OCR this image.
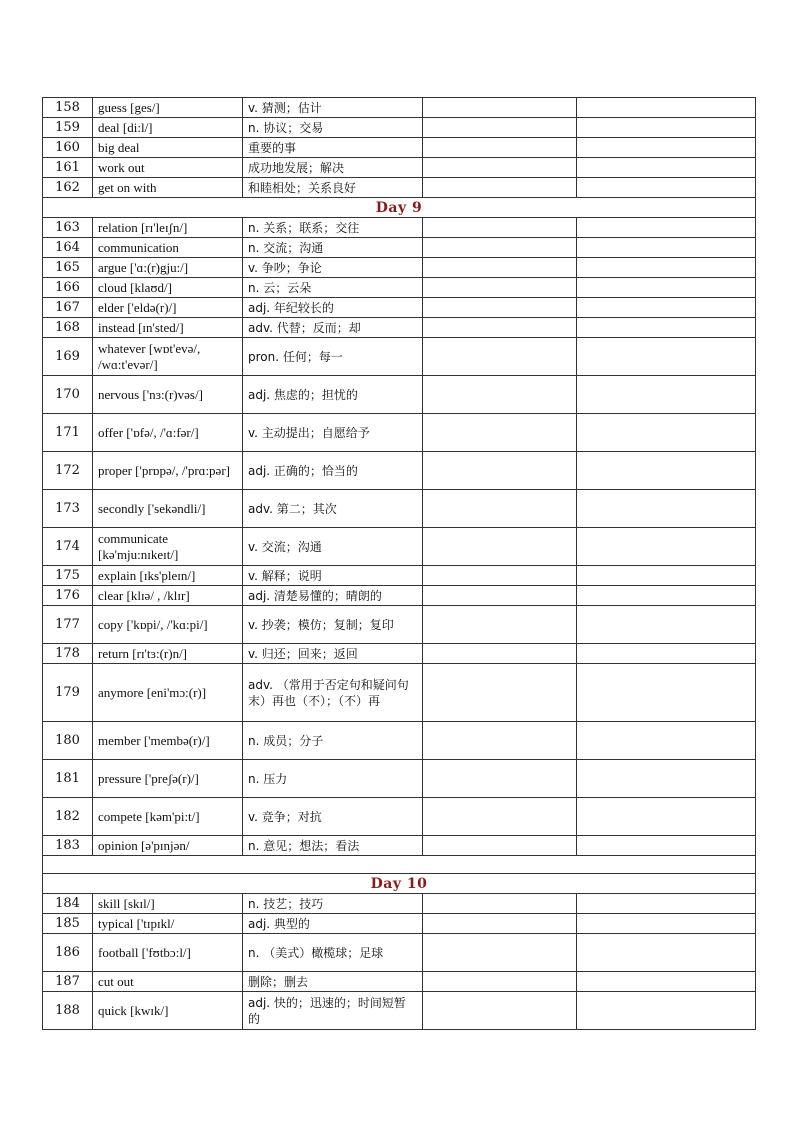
158	guess [ges/]	v. 猜测；估计		
159	deal [di:l/]	n. 协议；交易		
160	big deal	重要的事		
161	work out	成功地发展；解决		
162	get on with	和睦相处；关系良好		
Day 9				
163	relation [rɪ'leɪʃn/]	n. 关系；联系；交往		
164	communication	n. 交流；沟通		
165	argue ['ɑ:(r)gju:/]	v. 争吵；争论		
166	cloud [klaʊd/]	n. 云；云朵		
167	elder ['eldə(r)/]	adj. 年纪较长的		
168	instead [ɪn'sted/]	adv. 代替；反而；却		
169	whatever [wɒt'evə/, /wɑ:t'evər/]	pron. 任何；每一		
170	nervous ['nɜ:(r)vəs/]	adj. 焦虑的；担忧的		
171	offer ['ɒfə/, /'ɑ:fər/]	v. 主动提出；自愿给予		
172	proper ['prɒpə/, /'prɑ:pər]	adj. 正确的；恰当的		
173	secondly ['sekəndli/]	adv. 第二；其次		
174	communicate [kə'mju:nɪkeɪt/]	v. 交流；沟通		
175	explain [ɪks'pleɪn/]	v. 解释；说明		
176	clear [klɪə/ , /klɪr]	adj. 清楚易懂的；晴朗的		
177	copy ['kɒpi/, /'kɑ:pi/]	v. 抄袭；模仿；复制；复印		
178	return [rɪ'tɜ:(r)n/]	v. 归还；回来；返回		
179	anymore [eni'mɔ:(r)]	adv. （常用于否定句和疑问句末）再也（不）；（不）再		
180	member ['membə(r)/]	n. 成员；分子		
181	pressure ['preʃə(r)/]	n. 压力		
182	compete [kəm'pi:t/]	v. 竞争；对抗		
183	opinion [ə'pɪnjən/	n. 意见；想法；看法		

Day 10				
184	skill [skɪl/]	n. 技艺；技巧		
185	typical ['tɪpɪkl/	adj. 典型的		
186	football ['fʊtbɔ:l/]	n. （美式）橄榄球；足球		
187	cut out	删除；删去		
188	quick [kwɪk/]	adj. 快的；迅速的；时间短暂的		
